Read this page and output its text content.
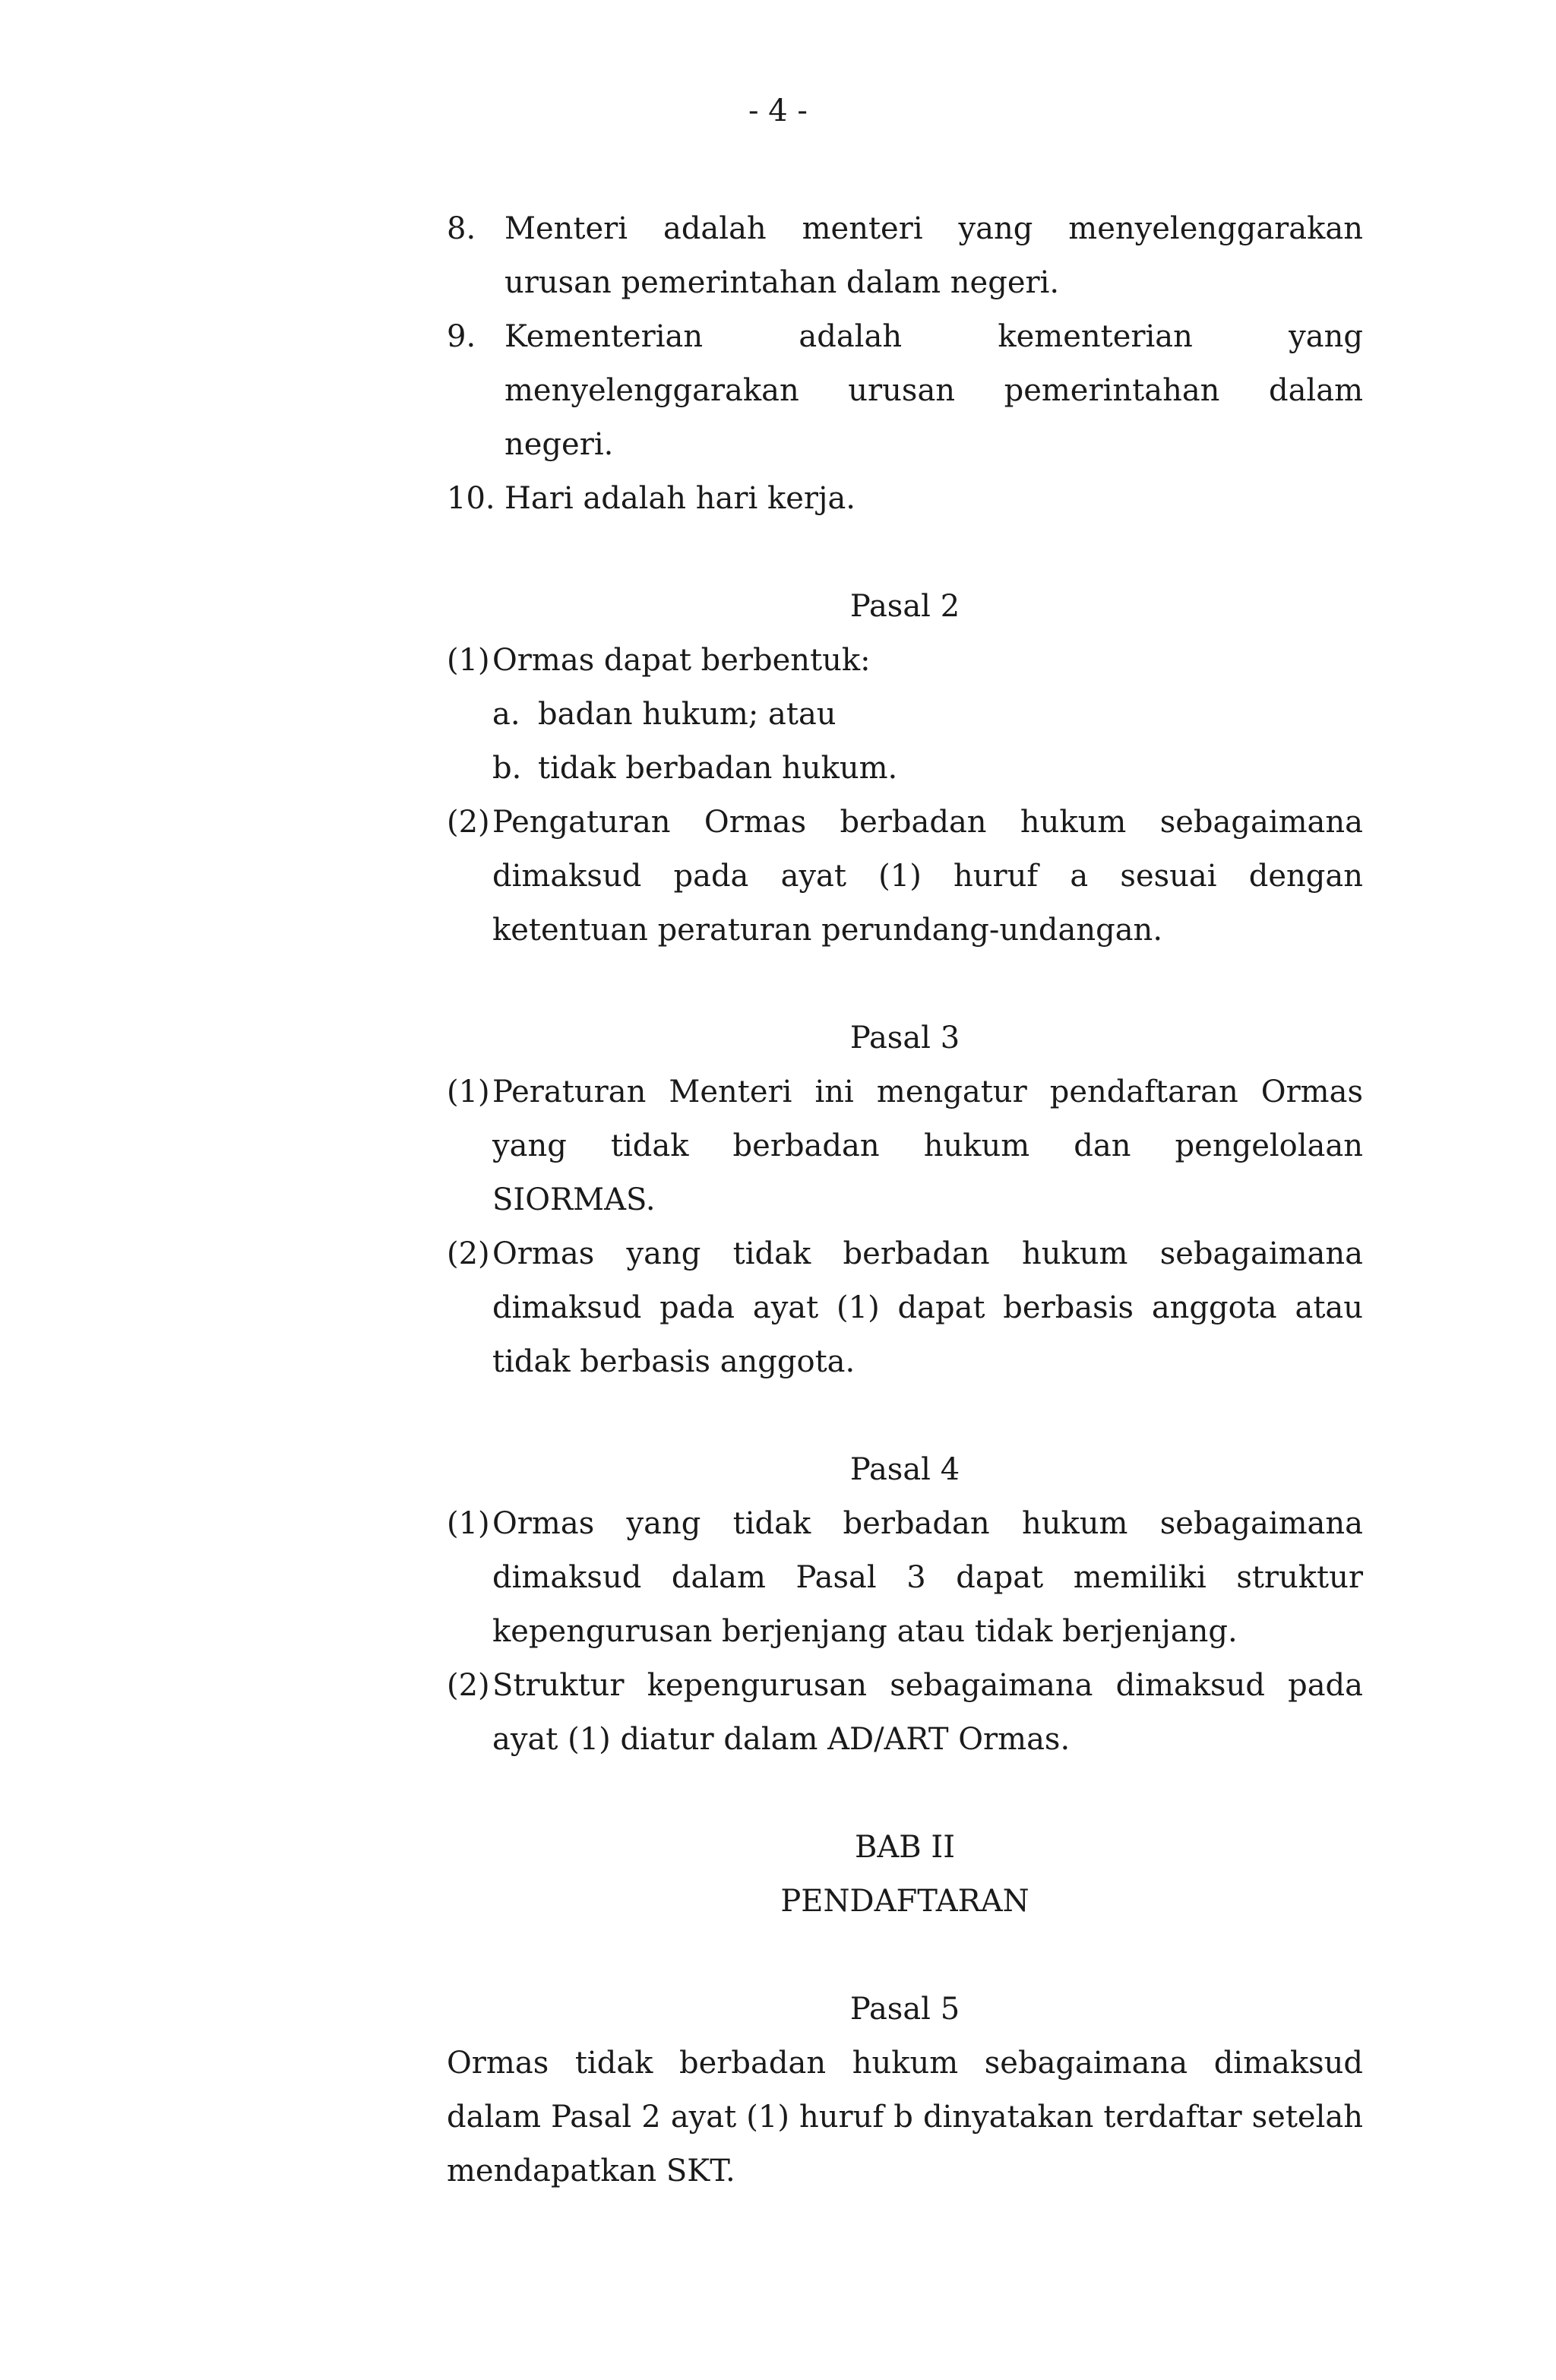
- 4 -
8. Menteri adalah menteri yang menyelenggarakan urusan pemerintahan dalam negeri.
9. Kementerian adalah kementerian yang menyelenggarakan urusan pemerintahan dalam negeri.
10. Hari adalah hari kerja.
Pasal 2
(1) Ormas dapat berbentuk:
a. badan hukum; atau
b. tidak berbadan hukum.
(2) Pengaturan Ormas berbadan hukum sebagaimana dimaksud pada ayat (1) huruf a sesuai dengan ketentuan peraturan perundang-undangan.
Pasal 3
(1) Peraturan Menteri ini mengatur pendaftaran Ormas yang tidak berbadan hukum dan pengelolaan SIORMAS.
(2) Ormas yang tidak berbadan hukum sebagaimana dimaksud pada ayat (1) dapat berbasis anggota atau tidak berbasis anggota.
Pasal 4
(1) Ormas yang tidak berbadan hukum sebagaimana dimaksud dalam Pasal 3 dapat memiliki struktur kepengurusan berjenjang atau tidak berjenjang.
(2) Struktur kepengurusan sebagaimana dimaksud pada ayat (1) diatur dalam AD/ART Ormas.
BAB II
PENDAFTARAN
Pasal 5
Ormas tidak berbadan hukum sebagaimana dimaksud dalam Pasal 2 ayat (1) huruf b dinyatakan terdaftar setelah mendapatkan SKT.
